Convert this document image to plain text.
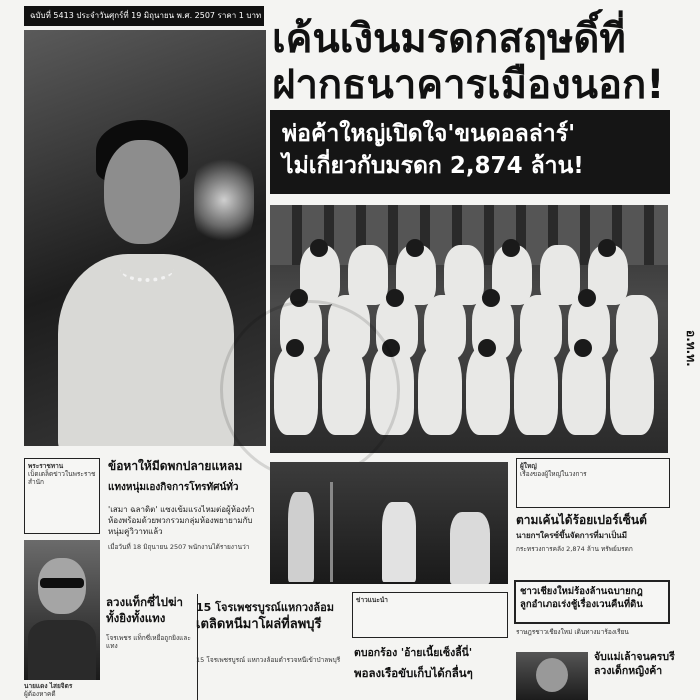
ฉบับที่ 5413 ประจำวันศุกร์ที่ 19 มิถุนายน พ.ศ. 2507 ราคา 1 บาท
เค้นเงินมรดกสฤษดิ์ที่
ฝากธนาคารเมืองนอก!
พ่อค้าใหญ่เปิดใจ'ขนดอลล่าร์'
ไม่เกี่ยวกับมรดก 2,874 ล้าน!
อ.ท.ท.
พระราชทาน
เบ็ดเตล็ดข่าวในพระราชสำนัก
ข้อหาให้มีดพกปลายแหลม
แทงหนุ่มเองกิจการโทรทัศน์ทั่ว
'เสมา ฉลาดิต' แซงเข้มแรงไหมต่อผู้ห้องทำห้องพร้อมด้วยพวกรวมกลุ่มห้องพยายามกับหนุ่มคู่วิวาทแล้ว
เมื่อวันที่ 18 มิถุนายน 2507 พนักงานได้รายงานว่า
ผู้ใหญ่
เรื่องของผู้ใหญ่ในวงการ
ตามเค้นได้ร้อยเปอร์เซ็นต์
นายกฯใครซ์ขึ้นจัดการที่มาเป็นมี
กระทรวงการคลัง 2,874 ล้าน ทรัพย์มรดก
ชาวเชียงใหม่ร้องล้านฉบายกฎ
ลูกอำเภอเร่งชู้เรื่องเวนคืนที่ดิน
ราษฎรชาวเชียงใหม่ เดินทางมาร้องเรียน
จับแม่เล้าจนครบรี
ลวงเด็กหญิงค้า
นายแดง ไสยจิตร
ผู้ต้องหาคดี
ลวงแท็กซี่ไปฆ่า
ทั้งยิงทั้งแทง
โจรเพชร แท็กซี่เหยื่อถูกยิงและแทง
15 โจรเพชรบูรณ์แหกวงล้อม
เตลิดหนีมาโผล่ที่ลพบุรี
15 โจรเพชรบูรณ์ แหกวงล้อมตำรวจหนีเข้าป่าลพบุรี
ข่าวแนะนำ
ตบอกร้อง 'อ้ายเนี้ยเซ็งลี้นี่'
พอลงเรือขับเก็บได้กลื่นๆ
